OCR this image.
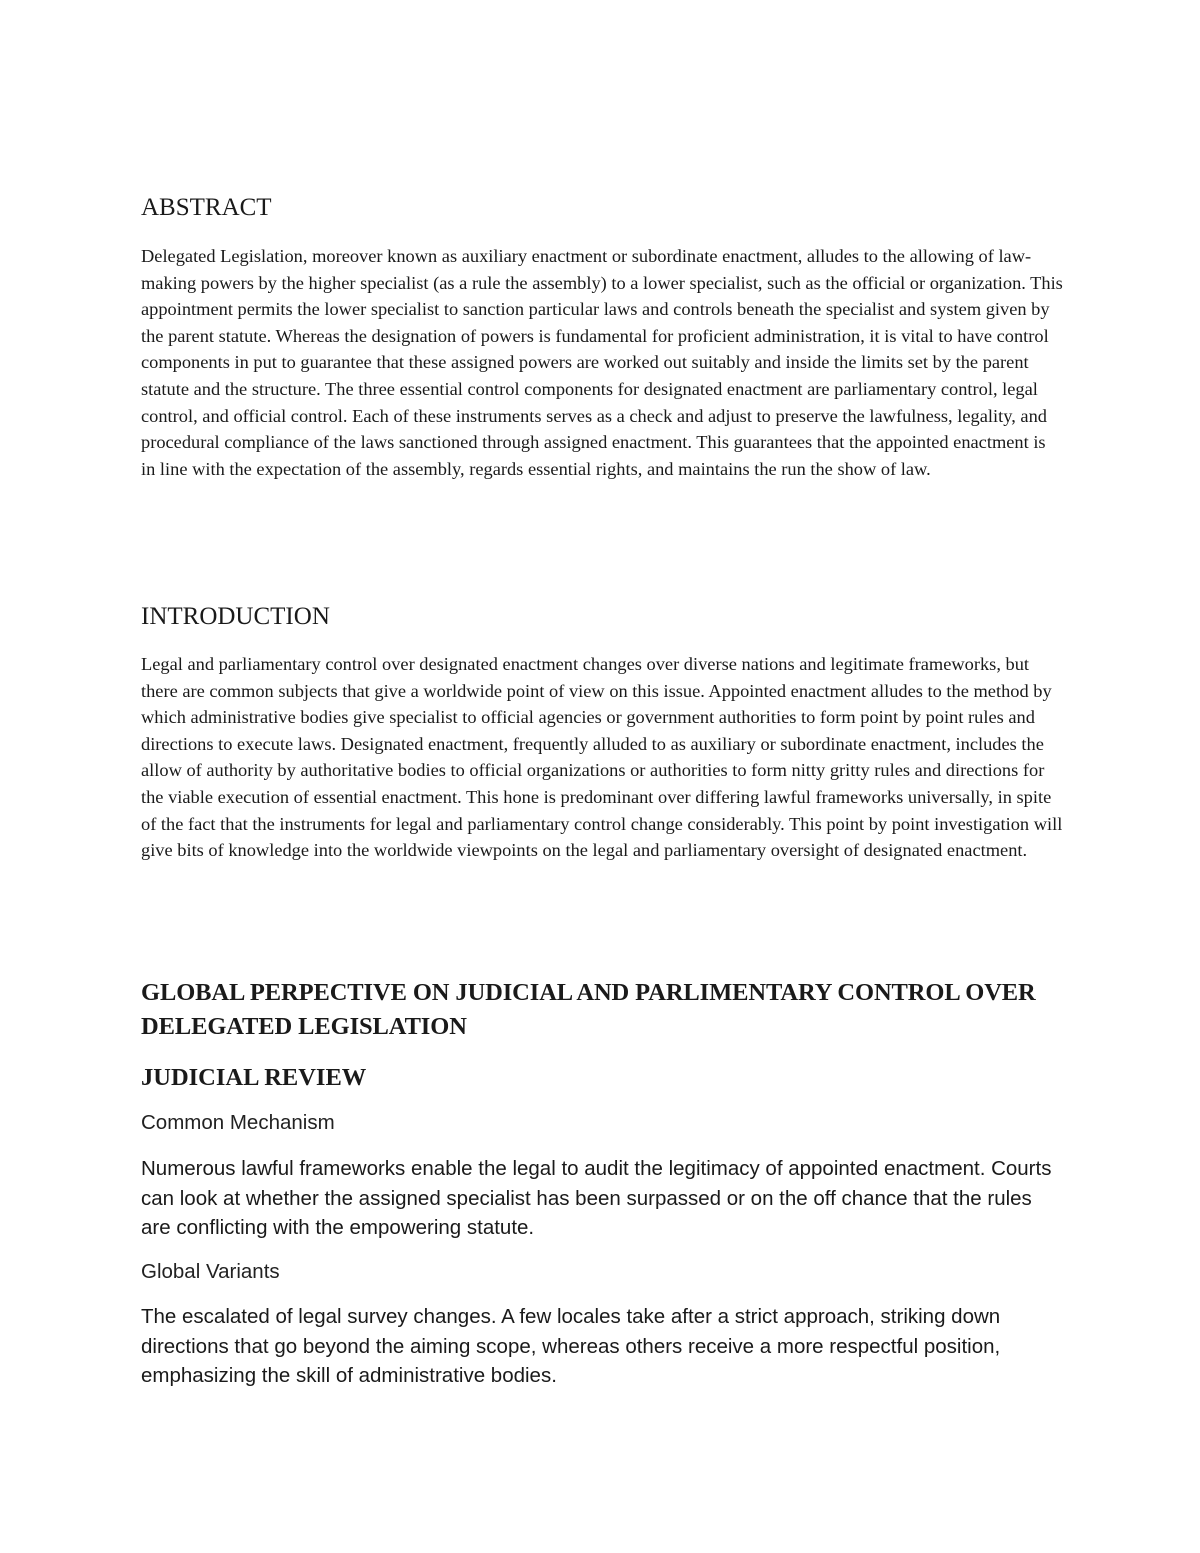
ABSTRACT

Delegated Legislation, moreover known as auxiliary enactment or subordinate enactment, alludes to the allowing of law-making powers by the higher specialist (as a rule the assembly) to a lower specialist, such as the official or organization. This appointment permits the lower specialist to sanction particular laws and controls beneath the specialist and system given by the parent statute. Whereas the designation of powers is fundamental for proficient administration, it is vital to have control components in put to guarantee that these assigned powers are worked out suitably and inside the limits set by the parent statute and the structure. The three essential control components for designated enactment are parliamentary control, legal control, and official control. Each of these instruments serves as a check and adjust to preserve the lawfulness, legality, and procedural compliance of the laws sanctioned through assigned enactment. This guarantees that the appointed enactment is in line with the expectation of the assembly, regards essential rights, and maintains the run the show of law.

INTRODUCTION

Legal and parliamentary control over designated enactment changes over diverse nations and legitimate frameworks, but there are common subjects that give a worldwide point of view on this issue. Appointed enactment alludes to the method by which administrative bodies give specialist to official agencies or government authorities to form point by point rules and directions to execute laws. Designated enactment, frequently alluded to as auxiliary or subordinate enactment, includes the allow of authority by authoritative bodies to official organizations or authorities to form nitty gritty rules and directions for the viable execution of essential enactment. This hone is predominant over differing lawful frameworks universally, in spite of the fact that the instruments for legal and parliamentary control change considerably. This point by point investigation will give bits of knowledge into the worldwide viewpoints on the legal and parliamentary oversight of designated enactment.

GLOBAL PERPECTIVE ON JUDICIAL AND PARLIMENTARY CONTROL OVER DELEGATED LEGISLATION
JUDICIAL REVIEW
Common Mechanism

Numerous lawful frameworks enable the legal to audit the legitimacy of appointed enactment. Courts can look at whether the assigned specialist has been surpassed or on the off chance that the rules are conflicting with the empowering statute.

Global Variants

The escalated of legal survey changes. A few locales take after a strict approach, striking down directions that go beyond the aiming scope, whereas others receive a more respectful position, emphasizing the skill of administrative bodies.
